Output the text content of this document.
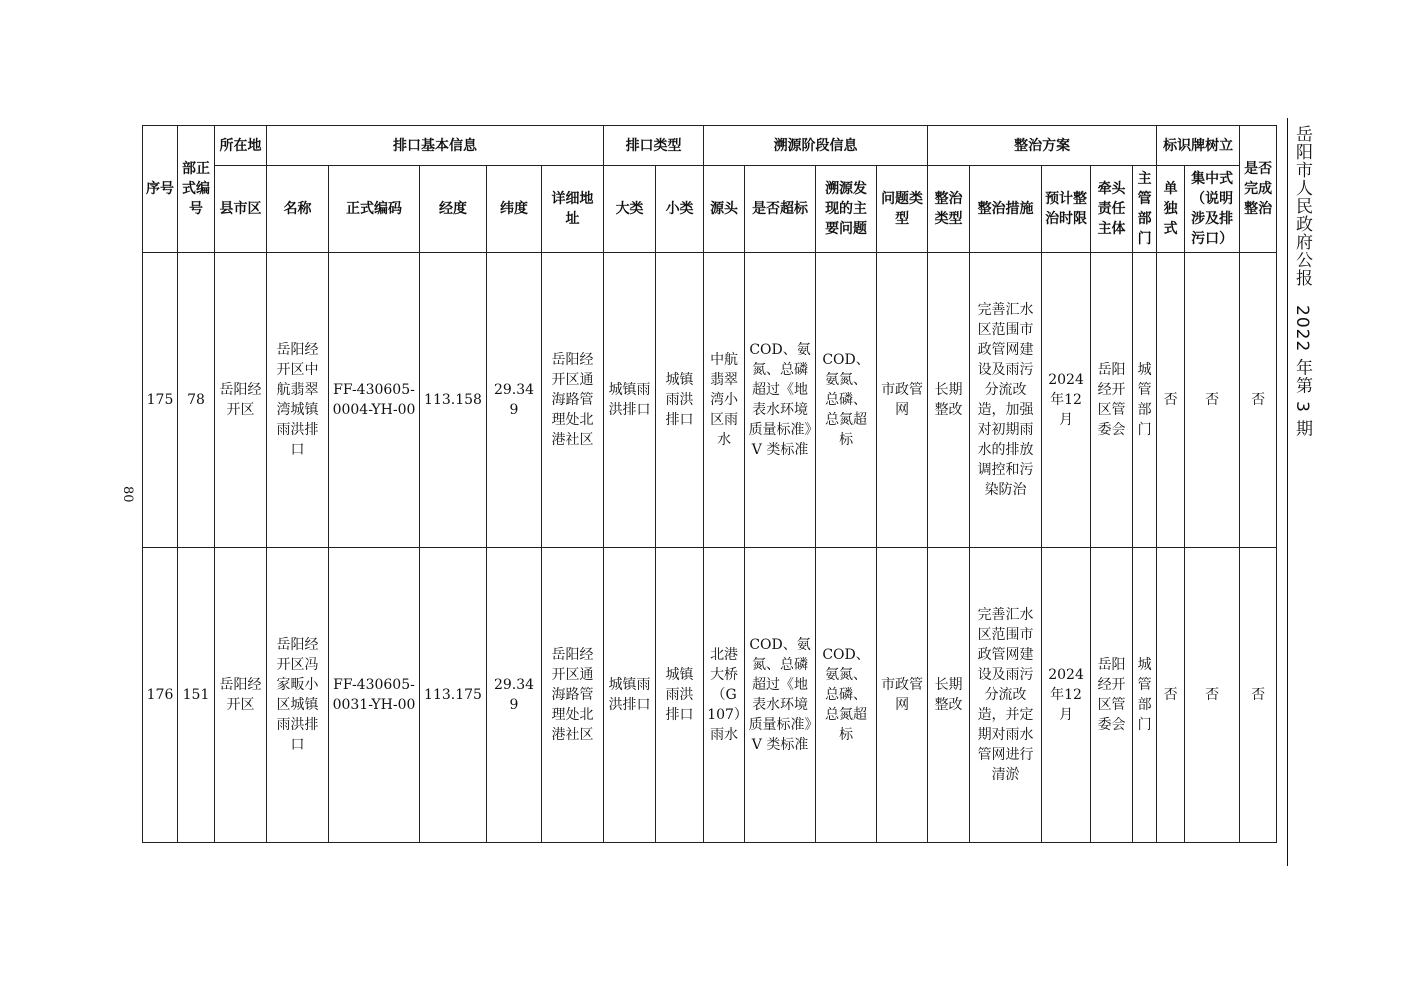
岳阳市人民政府公报　2022 年第 3 期
80
序号	部正式编号	所在地	排口基本信息					排口类型		溯源阶段信息				整治方案					标识牌树立		是否完成整治
		县市区	名称	正式编码	经度	纬度	详细地址	大类	小类	源头	是否超标	溯源发现的主要问题	问题类型	整治类型	整治措施	预计整治时限	牵头责任主体	主管部门	单独式	集中式（说明涉及排污口）	
175	78	岳阳经开区	岳阳经开区中航翡翠湾城镇雨洪排口	FF-430605-0004-YH-00	113.158	29.349	岳阳经开区通海路管理处北港社区	城镇雨洪排口	城镇雨洪排口	中航翡翠湾小区雨水	COD、氨氮、总磷超过《地表水环境质量标准》V 类标准	COD、氨氮、总磷、总氮超标	市政管网	长期整改	完善汇水区范围市政管网建设及雨污分流改造，加强对初期雨水的排放调控和污染防治	2024年12月	岳阳经开区管委会	城管部门	否	否	否
176	151	岳阳经开区	岳阳经开区冯家畈小区城镇雨洪排口	FF-430605-0031-YH-00	113.175	29.349	岳阳经开区通海路管理处北港社区	城镇雨洪排口	城镇雨洪排口	北港大桥（G107）雨水	COD、氨氮、总磷超过《地表水环境质量标准》V 类标准	COD、氨氮、总磷、总氮超标	市政管网	长期整改	完善汇水区范围市政管网建设及雨污分流改造，并定期对雨水管网进行清淤	2024年12月	岳阳经开区管委会	城管部门	否	否	否
